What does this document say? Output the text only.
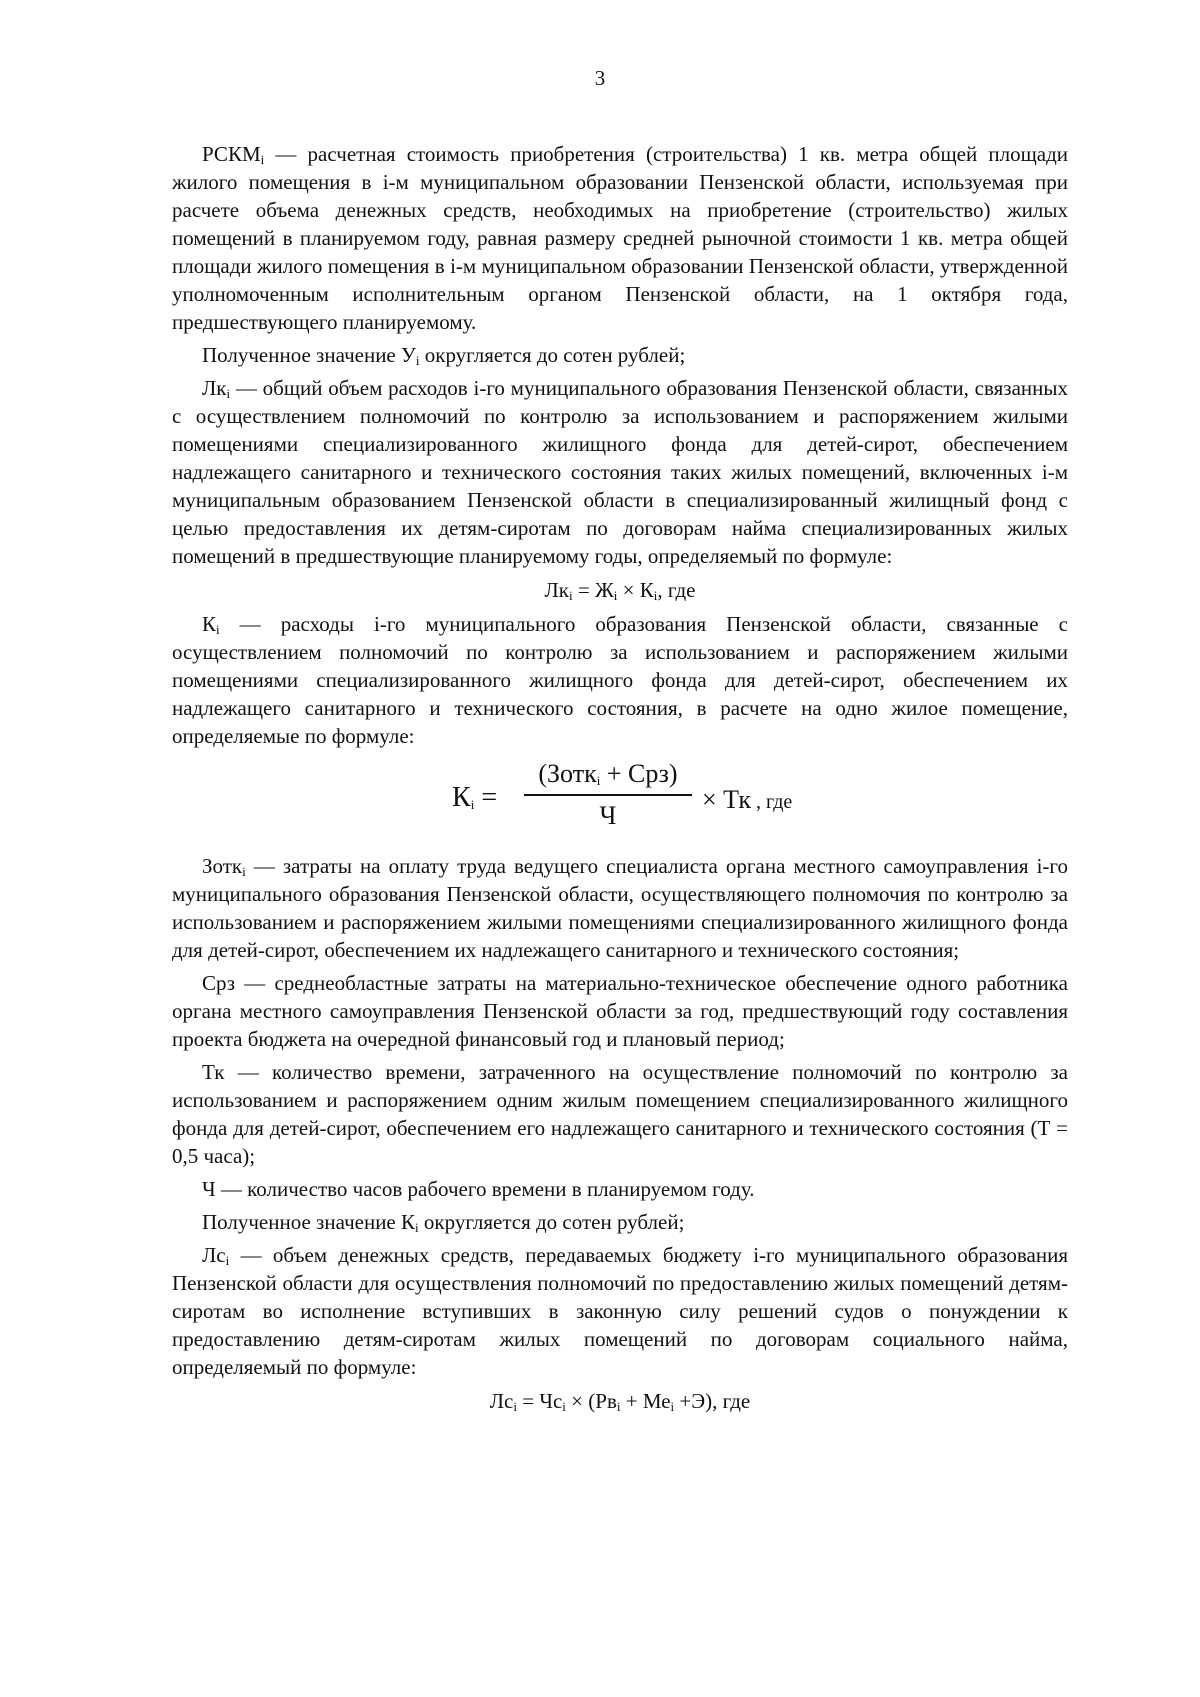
3

$РСКМ_i$ — расчетная стоимость приобретения (строительства) 1 кв. метра общей площади жилого помещения в i-м муниципальном образовании Пензенской области, используемая при расчете объема денежных средств, необходимых на приобретение (строительство) жилых помещений в планируемом году, равная размеру средней рыночной стоимости 1 кв. метра общей площади жилого помещения в i-м муниципальном образовании Пензенской области, утвержденной уполномоченным исполнительным органом Пензенской области, на 1 октября года, предшествующего планируемому.

Полученное значение $У_i$ округляется до сотен рублей;

$Лк_i$ — общий объем расходов i-го муниципального образования Пензенской области, связанных с осуществлением полномочий по контролю за использованием и распоряжением жилыми помещениями специализированного жилищного фонда для детей-сирот, обеспечением надлежащего санитарного и технического состояния таких жилых помещений, включенных i-м муниципальным образованием Пензенской области в специализированный жилищный фонд с целью предоставления их детям-сиротам по договорам найма специализированных жилых помещений в предшествующие планируемому годы, определяемый по формуле:

$Лк_i = Ж_i \times К_i$, где

$К_i$ — расходы i-го муниципального образования Пензенской области, связанные с осуществлением полномочий по контролю за использованием и распоряжением жилыми помещениями специализированного жилищного фонда для детей-сирот, обеспечением их надлежащего санитарного и технического состояния, в расчете на одно жилое помещение, определяемые по формуле:

$К_i$ =
(Зотк$_i$ + Срз)
Ч
× Тк , где

Зотк$_i$ — затраты на оплату труда ведущего специалиста органа местного самоуправления i-го муниципального образования Пензенской области, осуществляющего полномочия по контролю за использованием и распоряжением жилыми помещениями специализированного жилищного фонда для детей-сирот, обеспечением их надлежащего санитарного и технического состояния;

Срз — среднеобластные затраты на материально-техническое обеспечение одного работника органа местного самоуправления Пензенской области за год, предшествующий году составления проекта бюджета на очередной финансовый год и плановый период;

Тк — количество времени, затраченного на осуществление полномочий по контролю за использованием и распоряжением одним жилым помещением специализированного жилищного фонда для детей-сирот, обеспечением его надлежащего санитарного и технического состояния (Т = 0,5 часа);

Ч — количество часов рабочего времени в планируемом году.

Полученное значение $К_i$ округляется до сотен рублей;

$Лс_i$ — объем денежных средств, передаваемых бюджету i-го муниципального образования Пензенской области для осуществления полномочий по предоставлению жилых помещений детям-сиротам во исполнение вступивших в законную силу решений судов о понуждении к предоставлению детям-сиротам жилых помещений по договорам социального найма, определяемый по формуле:

$Лс_i = Чс_i \times (Рв_i + Ме_i +Э)$, где
